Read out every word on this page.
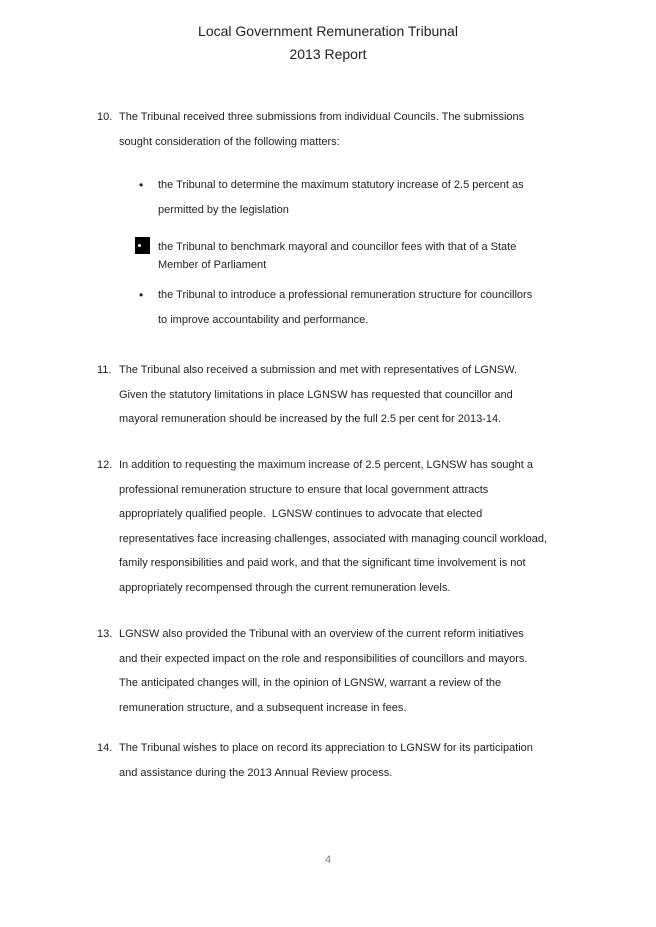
Local Government Remuneration Tribunal
2013 Report
10. The Tribunal received three submissions from individual Councils. The submissions
sought consideration of the following matters:
• the Tribunal to determine the maximum statutory increase of 2.5 percent as
permitted by the legislation
the Tribunal to benchmark mayoral and councillor fees with that of a State
Member of Parliament
• the Tribunal to introduce a professional remuneration structure for councillors
to improve accountability and performance.
11. The Tribunal also received a submission and met with representatives of LGNSW.
Given the statutory limitations in place LGNSW has requested that councillor and
mayoral remuneration should be increased by the full 2.5 per cent for 2013-14.
12. In addition to requesting the maximum increase of 2.5 percent, LGNSW has sought a
professional remuneration structure to ensure that local government attracts
appropriately qualified people.  LGNSW continues to advocate that elected
representatives face increasing challenges, associated with managing council workload,
family responsibilities and paid work, and that the significant time involvement is not
appropriately recompensed through the current remuneration levels.
13. LGNSW also provided the Tribunal with an overview of the current reform initiatives
and their expected impact on the role and responsibilities of councillors and mayors.
The anticipated changes will, in the opinion of LGNSW, warrant a review of the
remuneration structure, and a subsequent increase in fees.
14. The Tribunal wishes to place on record its appreciation to LGNSW for its participation
and assistance during the 2013 Annual Review process.
4
